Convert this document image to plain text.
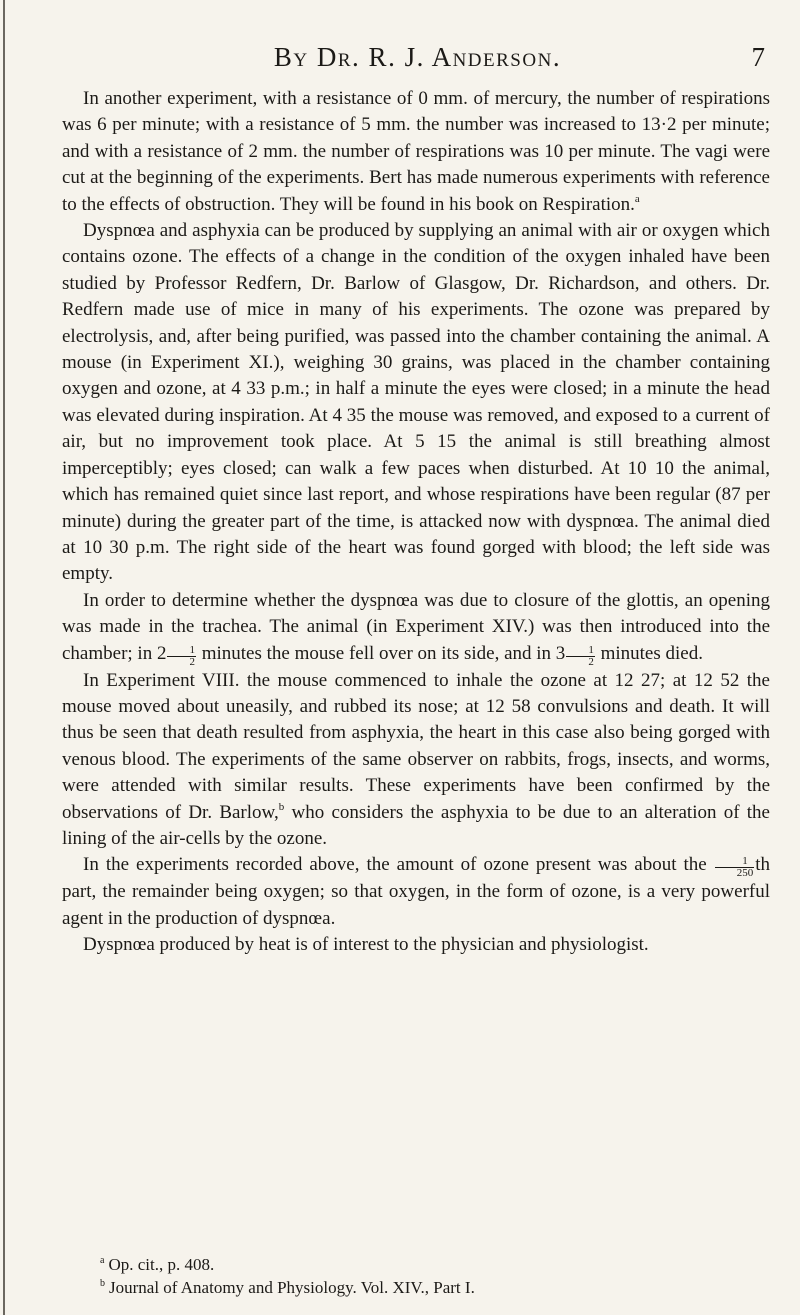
By Dr. R. J. Anderson.	7

In another experiment, with a resistance of 0 mm. of mercury, the number of respirations was 6 per minute; with a resistance of 5 mm. the number was increased to 13·2 per minute; and with a resistance of 2 mm. the number of respirations was 10 per minute. The vagi were cut at the beginning of the experiments. Bert has made numerous experiments with reference to the effects of obstruction. They will be found in his book on Respiration.$^a$

Dyspnœa and asphyxia can be produced by supplying an animal with air or oxygen which contains ozone. The effects of a change in the condition of the oxygen inhaled have been studied by Professor Redfern, Dr. Barlow of Glasgow, Dr. Richardson, and others. Dr. Redfern made use of mice in many of his experiments. The ozone was prepared by electrolysis, and, after being purified, was passed into the chamber containing the animal. A mouse (in Experiment XI.), weighing 30 grains, was placed in the chamber containing oxygen and ozone, at 4 33 p.m.; in half a minute the eyes were closed; in a minute the head was elevated during inspiration. At 4 35 the mouse was removed, and exposed to a current of air, but no improvement took place. At 5 15 the animal is still breathing almost imperceptibly; eyes closed; can walk a few paces when disturbed. At 10 10 the animal, which has remained quiet since last report, and whose respirations have been regular (87 per minute) during the greater part of the time, is attacked now with dyspnœa. The animal died at 10 30 p.m. The right side of the heart was found gorged with blood; the left side was empty.

In order to determine whether the dyspnœa was due to closure of the glottis, an opening was made in the trachea. The animal (in Experiment XIV.) was then introduced into the chamber; in $2 \frac{1}{2}$ minutes the mouse fell over on its side, and in $3 \frac{1}{2}$ minutes died.

In Experiment VIII. the mouse commenced to inhale the ozone at 12 27; at 12 52 the mouse moved about uneasily, and rubbed its nose; at 12 58 convulsions and death. It will thus be seen that death resulted from asphyxia, the heart in this case also being gorged with venous blood. The experiments of the same observer on rabbits, frogs, insects, and worms, were attended with similar results. These experiments have been confirmed by the observations of Dr. Barlow,$^b$ who considers the asphyxia to be due to an alteration of the lining of the air-cells by the ozone.

In the experiments recorded above, the amount of ozone present was about the $\frac{1}{250}$ th part, the remainder being oxygen; so that oxygen, in the form of ozone, is a very powerful agent in the production of dyspnœa.

Dyspnœa produced by heat is of interest to the physician and physiologist.

$^a$ Op. cit., p. 408.
$^b$ Journal of Anatomy and Physiology. Vol. XIV., Part I.
